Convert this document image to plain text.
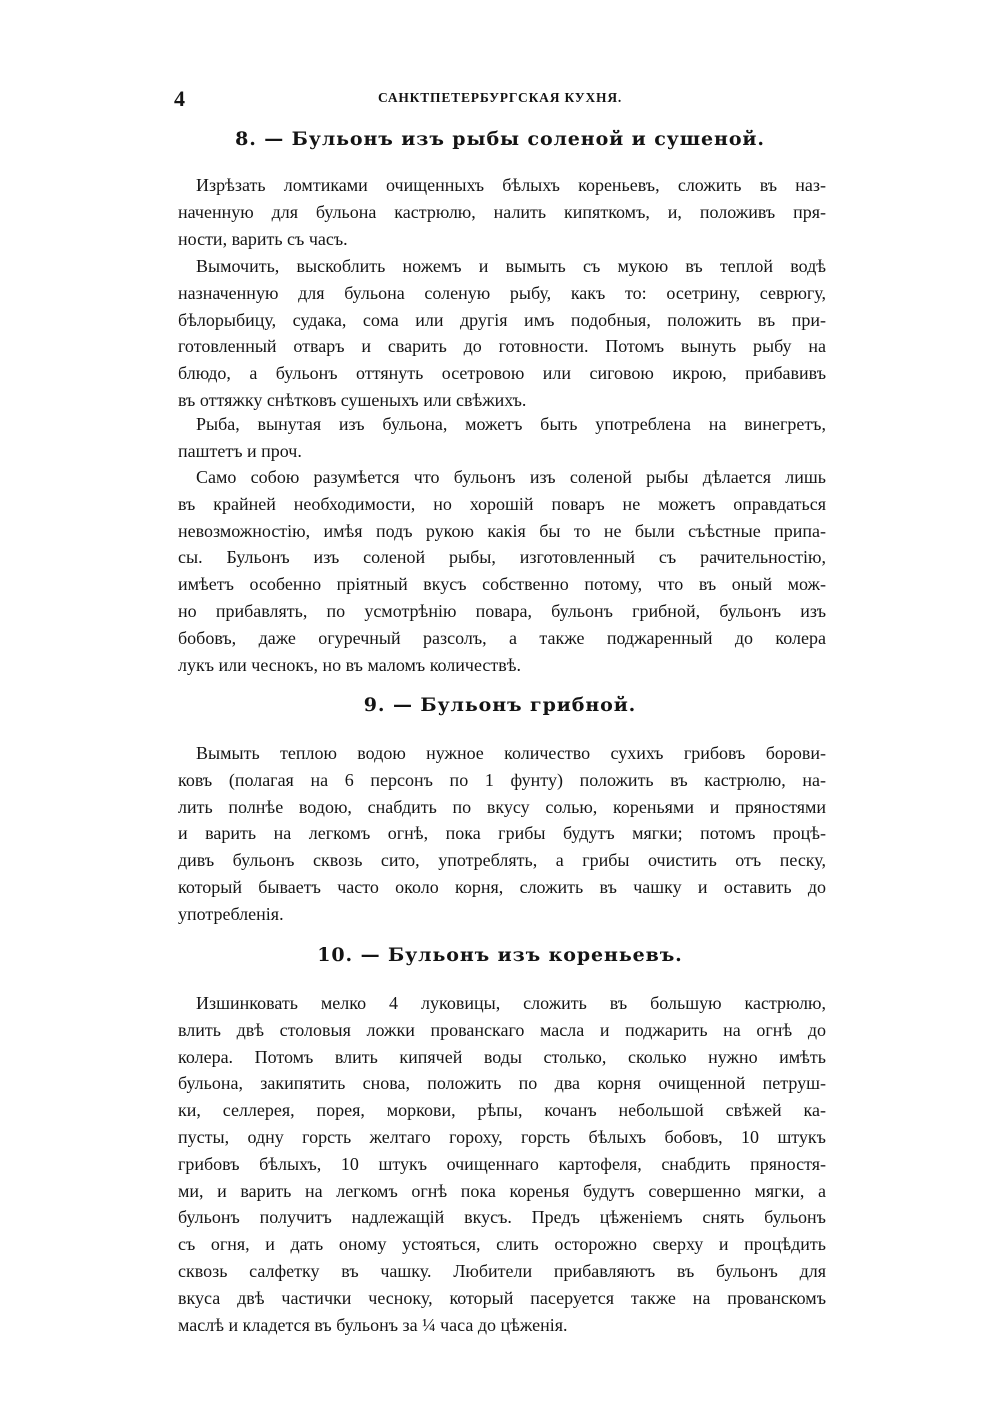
4	САНКТПЕТЕРБУРГСКАЯ КУХНЯ.
8. — Бульонъ изъ рыбы соленой и сушеной.

Изрѣзать ломтиками очищенныхъ бѣлыхъ кореньевъ, сложить въ наз-
наченную для бульона кастрюлю, налить кипяткомъ, и, положивъ пря-
ности, варить съ часъ.

Вымочить, выскоблить ножемъ и вымыть съ мукою въ теплой водѣ
назначенную для бульона соленую рыбу, какъ то: осетрину, севрюгу,
бѣлорыбицу, судака, сома или другія имъ подобныя, положить въ при-
готовленный отваръ и сварить до готовности. Потомъ вынуть рыбу на
блюдо, а бульонъ оттянуть осетровою или сиговою икрою, прибавивъ
въ оттяжку снѣтковъ сушеныхъ или свѣжихъ.

Рыба, вынутая изъ бульона, можетъ быть употреблена на винегретъ,
паштетъ и проч.

Само собою разумѣется что бульонъ изъ соленой рыбы дѣлается лишь
въ крайней необходимости, но хорошій поваръ не можетъ оправдаться
невозможностію, имѣя подъ рукою какія бы то не были съѣстные припа-
сы. Бульонъ изъ соленой рыбы, изготовленный съ рачительностію,
имѣетъ особенно пріятный вкусъ собственно потому, что въ оный мож-
но прибавлять, по усмотрѣнію повара, бульонъ грибной, бульонъ изъ
бобовъ, даже огуречный разсолъ, а также поджаренный до колера
лукъ или чеснокъ, но въ маломъ количествѣ.

9. — Бульонъ грибной.

Вымыть теплою водою нужное количество сухихъ грибовъ борови-
ковъ (полагая на 6 персонъ по 1 фунту) положить въ кастрюлю, на-
лить полнѣе водою, снабдить по вкусу солью, кореньями и пряностями
и варить на легкомъ огнѣ, пока грибы будутъ мягки; потомъ процѣ-
дивъ бульонъ сквозь сито, употреблять, а грибы очистить отъ песку,
который бываетъ часто около корня, сложить въ чашку и оставить до
употребленія.

10. — Бульонъ изъ кореньевъ.

Изшинковать мелко 4 луковицы, сложить въ большую кастрюлю,
влить двѣ столовыя ложки прованскаго масла и поджарить на огнѣ до
колера. Потомъ влить кипячей воды столько, сколько нужно имѣть
бульона, закипятить снова, положить по два корня очищенной петруш-
ки, селлерея, порея, моркови, рѣпы, кочанъ небольшой свѣжей ка-
пусты, одну горсть желтаго гороху, горсть бѣлыхъ бобовъ, 10 штукъ
грибовъ бѣлыхъ, 10 штукъ очищеннаго картофеля, снабдить пряностя-
ми, и варить на легкомъ огнѣ пока коренья будутъ совершенно мягки, а
бульонъ получитъ надлежащій вкусъ. Предъ цѣженіемъ снять бульонъ
съ огня, и дать оному устояться, слить осторожно сверху и процѣдить
сквозь салфетку въ чашку. Любители прибавляютъ въ бульонъ для
вкуса двѣ частички чесноку, который пасеруется также на прованскомъ
маслѣ и кладется въ бульонъ за ¼ часа до цѣженія.
